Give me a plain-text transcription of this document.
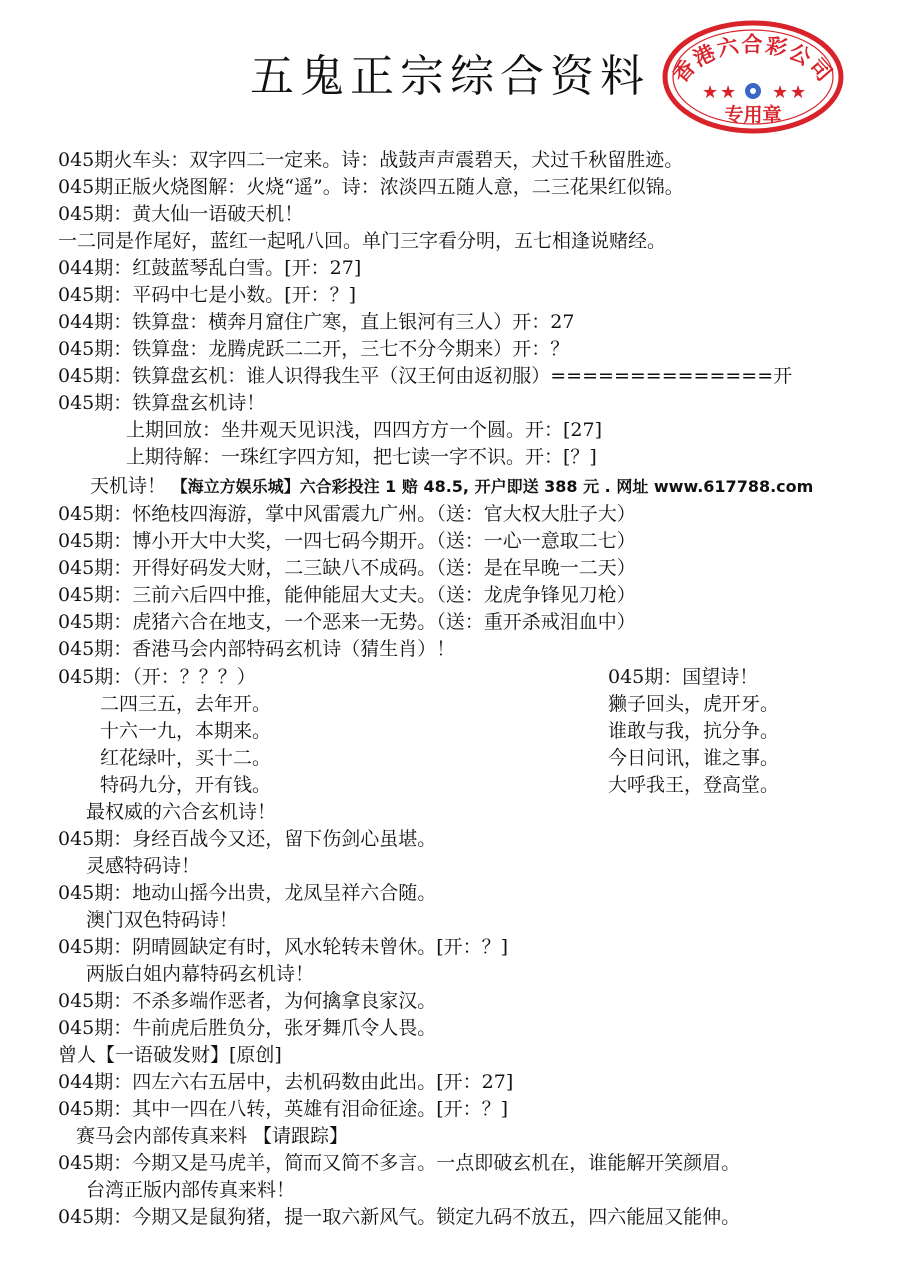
五鬼正宗综合资料 香港六合彩公司
★ ★ ★ ★
专用章
045期火车头：双字四二一定来。诗：战鼓声声震碧天，犬过千秋留胜迹。
045期正版火烧图解：火烧“遥”。诗：浓淡四五随人意，二三花果红似锦。
045期：黄大仙一语破天机！
一二同是作尾好，蓝红一起吼八回。单门三字看分明，五七相逢说赌经。
044期：红鼓蓝琴乱白雪。[开：27]
045期：平码中七是小数。[开：？]
044期：铁算盘：横奔月窟住广寒，直上银河有三人）开：27
045期：铁算盘：龙腾虎跃二二开，三七不分今期来）开：？
045期：铁算盘玄机：谁人识得我生平（汉王何由返初服）==============开
045期：铁算盘玄机诗！
上期回放：坐井观天见识浅，四四方方一个圆。开：[27]
上期待解：一珠红字四方知，把七读一字不识。开：[？]
天机诗！ 【海立方娱乐城】六合彩投注 1 赔 48.5, 开户即送 388 元 . 网址 www.617788.com
045期：怀绝枝四海游，掌中风雷震九广州。（送：官大权大肚子大）
045期：博小开大中大奖，一四七码今期开。（送：一心一意取二七）
045期：开得好码发大财，二三缺八不成码。（送：是在早晚一二天）
045期：三前六后四中推，能伸能屈大丈夫。（送：龙虎争锋见刀枪）
045期：虎猪六合在地支，一个恶来一无势。（送：重开杀戒泪血中）
045期：香港马会内部特码玄机诗（猜生肖）！
045期：（开：？？？）
二四三五，去年开。
十六一九，本期来。
红花绿叶，买十二。
特码九分，开有钱。
045期：国望诗！
獭子回头，虎开牙。
谁敢与我，抗分争。
今日问讯，谁之事。
大呼我王，登高堂。
最权威的六合玄机诗！
045期：身经百战今又还，留下伤剑心虽堪。
灵感特码诗！
045期：地动山摇今出贵，龙凤呈祥六合随。
澳门双色特码诗！
045期：阴晴圆缺定有时，风水轮转未曾休。[开：？]
两版白姐内幕特码玄机诗！
045期：不杀多端作恶者，为何擒拿良家汉。
045期：牛前虎后胜负分，张牙舞爪令人畏。
曾人【一语破发财】[原创]
044期：四左六右五居中，去机码数由此出。[开：27]
045期：其中一四在八转，英雄有泪命征途。[开：？]
赛马会内部传真来料 【请跟踪】
045期：今期又是马虎羊，简而又简不多言。一点即破玄机在，谁能解开笑颜眉。
台湾正版内部传真来料！
045期：今期又是鼠狗猪，提一取六新风气。锁定九码不放五，四六能屈又能伸。
